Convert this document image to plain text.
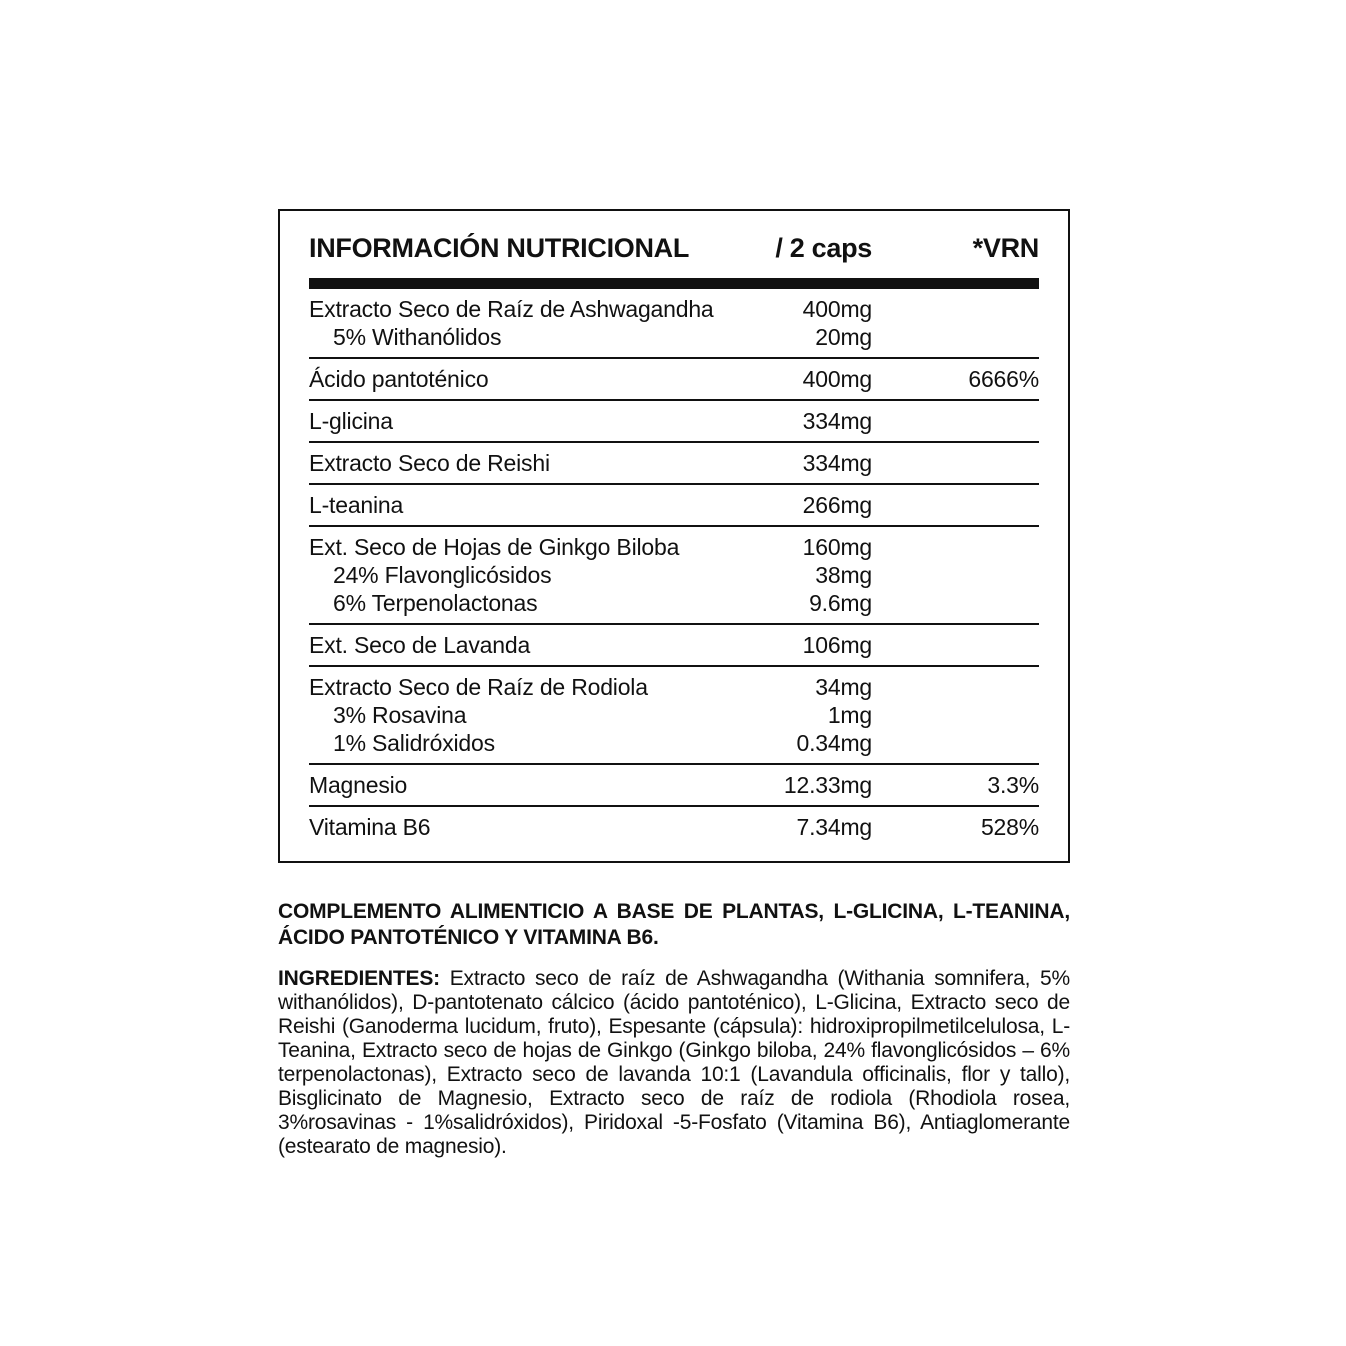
INFORMACIÓN NUTRICIONAL	/ 2 caps	*VRN
Extracto Seco de Raíz de Ashwagandha	400mg
5% Withanólidos	20mg
Ácido pantoténico	400mg	6666%
L-glicina	334mg
Extracto Seco de Reishi	334mg
L-teanina	266mg
Ext. Seco de Hojas de Ginkgo Biloba	160mg
24% Flavonglicósidos	38mg
6% Terpenolactonas	9.6mg
Ext. Seco de Lavanda	106mg
Extracto Seco de Raíz de Rodiola	34mg
3% Rosavina	1mg
1% Salidróxidos	0.34mg
Magnesio	12.33mg	3.3%
Vitamina B6	7.34mg	528%

COMPLEMENTO ALIMENTICIO A BASE DE PLANTAS, L-GLICINA, L-TEANINA, ÁCIDO PANTOTÉNICO Y VITAMINA B6.

INGREDIENTES: Extracto seco de raíz de Ashwagandha (Withania somnifera, 5% withanólidos), D-pantotenato cálcico (ácido pantoténico), L-Glicina, Extracto seco de Reishi (Ganoderma lucidum, fruto), Espesante (cápsula): hidroxipropilmetilcelulosa, L-Teanina, Extracto seco de hojas de Ginkgo (Ginkgo biloba, 24% flavonglicósidos – 6% terpenolactonas), Extracto seco de lavanda 10:1 (Lavandula officinalis, flor y tallo), Bisglicinato de Magnesio, Extracto seco de raíz de rodiola (Rhodiola rosea, 3%rosavinas - 1%salidróxidos), Piridoxal -5-Fosfato (Vitamina B6), Antiaglomerante (estearato de magnesio).
